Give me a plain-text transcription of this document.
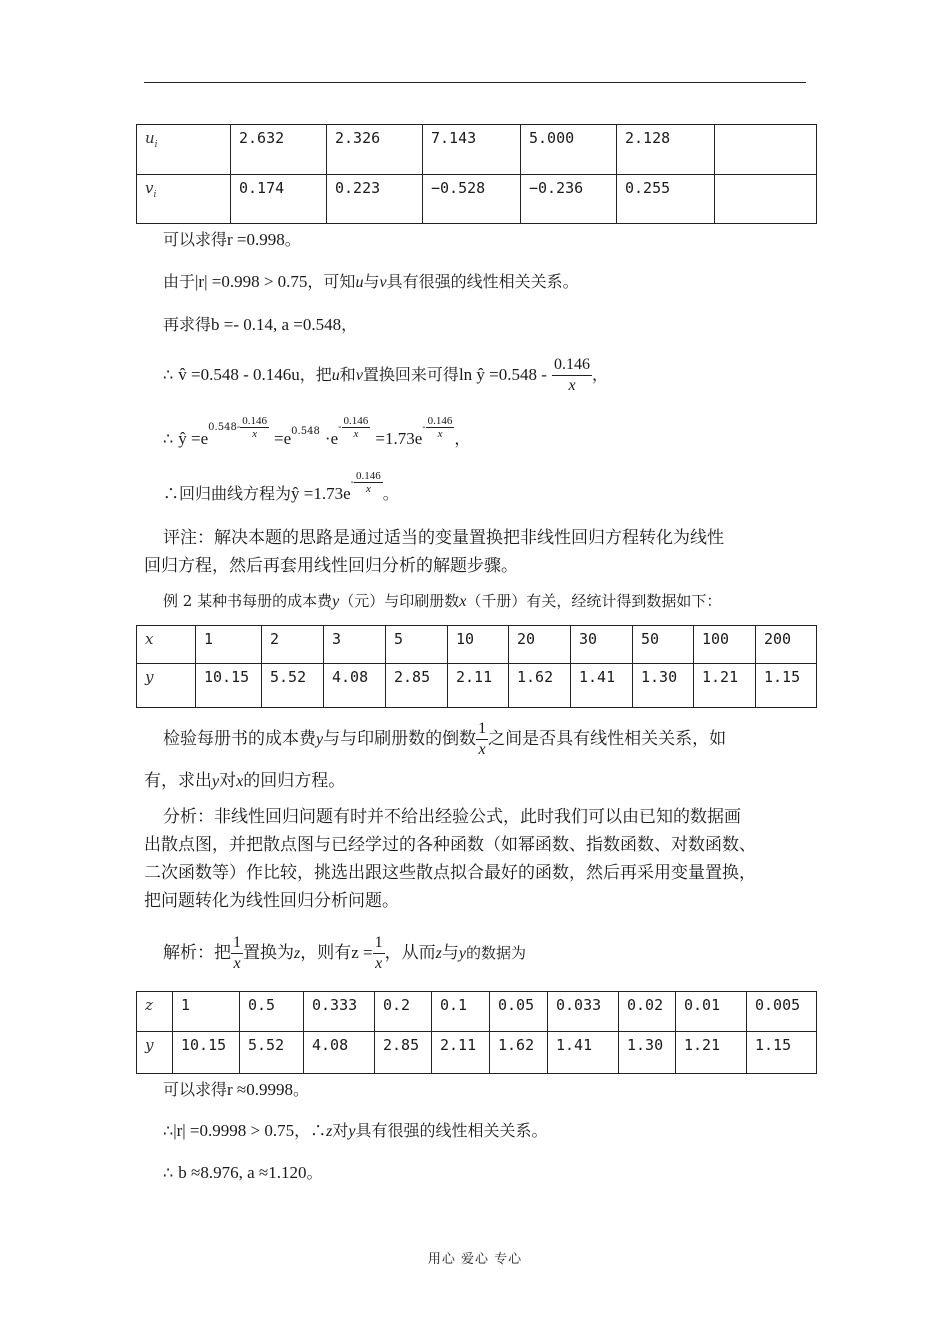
$u_i$	2.632	2.326	7.143	5.000	2.128	
$v_i$	0.174	0.223	−0.528	−0.236	0.255	
可以求得r =0.998。
由于|r| =0.998 > 0.75，可知u与v具有很强的线性相关关系。
再求得b =- 0.14, a =0.548，
∴ v̂ =0.548 - 0.146u，把u和v置换回来可得ln ŷ $=0.548 - \frac{0.146}{x}$ ，
∴ ŷ $=e^{0.548- \frac{0.146}{x}} =e^{0.548} \cdot e^{- \frac{0.146}{x}} =1.73e^{- \frac{0.146}{x}}$ ，
∴回归曲线方程为ŷ $=1.73e^{- \frac{0.146}{x}}$ 。
评注：解决本题的思路是通过适当的变量置换把非线性回归方程转化为线性
回归方程，然后再套用线性回归分析的解题步骤。
例 2 某种书每册的成本费y（元）与印刷册数x（千册）有关，经统计得到数据如下：
x	1	2	3	5	10	20	30	50	100	200
y	10.15	5.52	4.08	2.85	2.11	1.62	1.41	1.30	1.21	1.15
检验每册书的成本费y与与印刷册数的倒数 $\frac{1}{x}$ 之间是否具有线性相关关系，如
有，求出y对x的回归方程。
分析：非线性回归问题有时并不给出经验公式，此时我们可以由已知的数据画
出散点图，并把散点图与已经学过的各种函数（如幂函数、指数函数、对数函数、
二次函数等）作比较，挑选出跟这些散点拟合最好的函数，然后再采用变量置换，
把问题转化为线性回归分析问题。
解析：把 $\frac{1}{x}$ 置换为z，则有$z = \frac{1}{x}$ ，从而z与y的数据为
z	1	0.5	0.333	0.2	0.1	0.05	0.033	0.02	0.01	0.005
y	10.15	5.52	4.08	2.85	2.11	1.62	1.41	1.30	1.21	1.15
可以求得r ≈0.9998。
∴|r| =0.9998 > 0.75，∴z对y具有很强的线性相关关系。
∴ b ≈8.976, a ≈1.120。
用心 爱心 专心
